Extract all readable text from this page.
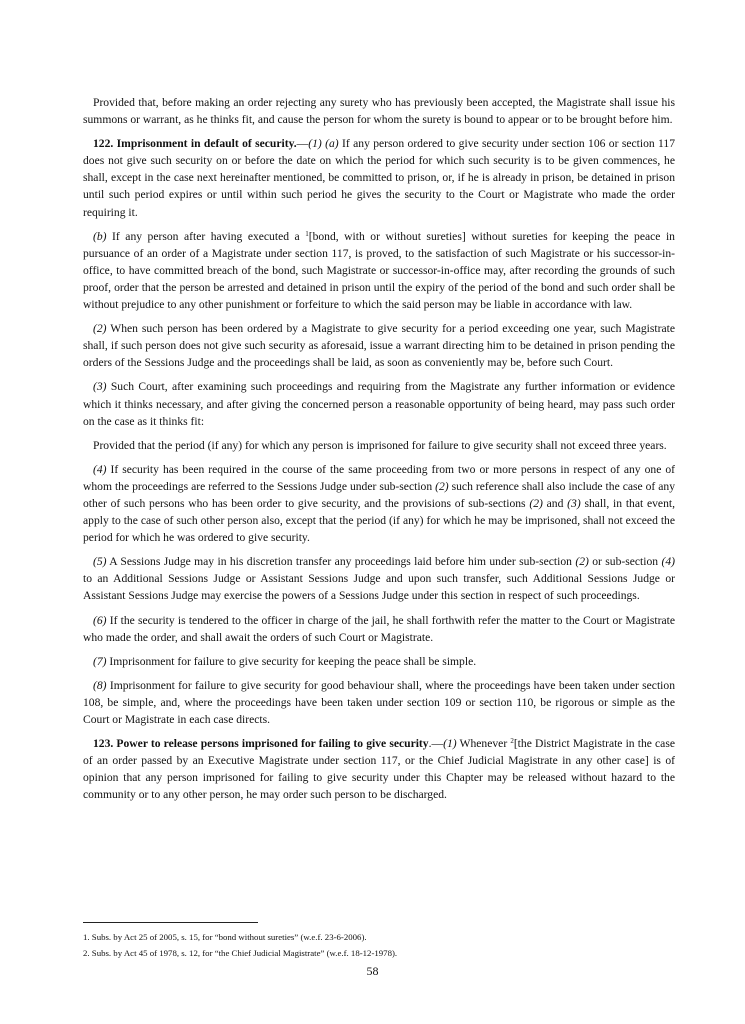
Provided that, before making an order rejecting any surety who has previously been accepted, the Magistrate shall issue his summons or warrant, as he thinks fit, and cause the person for whom the surety is bound to appear or to be brought before him.

122. Imprisonment in default of security.—(1) (a) If any person ordered to give security under section 106 or section 117 does not give such security on or before the date on which the period for which such security is to be given commences, he shall, except in the case next hereinafter mentioned, be committed to prison, or, if he is already in prison, be detained in prison until such period expires or until within such period he gives the security to the Court or Magistrate who made the order requiring it.

(b) If any person after having executed a $^1$[bond, with or without sureties] without sureties for keeping the peace in pursuance of an order of a Magistrate under section 117, is proved, to the satisfaction of such Magistrate or his successor-in-office, to have committed breach of the bond, such Magistrate or successor-in-office may, after recording the grounds of such proof, order that the person be arrested and detained in prison until the expiry of the period of the bond and such order shall be without prejudice to any other punishment or forfeiture to which the said person may be liable in accordance with law.

(2) When such person has been ordered by a Magistrate to give security for a period exceeding one year, such Magistrate shall, if such person does not give such security as aforesaid, issue a warrant directing him to be detained in prison pending the orders of the Sessions Judge and the proceedings shall be laid, as soon as conveniently may be, before such Court.

(3) Such Court, after examining such proceedings and requiring from the Magistrate any further information or evidence which it thinks necessary, and after giving the concerned person a reasonable opportunity of being heard, may pass such order on the case as it thinks fit:

Provided that the period (if any) for which any person is imprisoned for failure to give security shall not exceed three years.

(4) If security has been required in the course of the same proceeding from two or more persons in respect of any one of whom the proceedings are referred to the Sessions Judge under sub-section (2) such reference shall also include the case of any other of such persons who has been order to give security, and the provisions of sub-sections (2) and (3) shall, in that event, apply to the case of such other person also, except that the period (if any) for which he may be imprisoned, shall not exceed the period for which he was ordered to give security.

(5) A Sessions Judge may in his discretion transfer any proceedings laid before him under sub-section (2) or sub-section (4) to an Additional Sessions Judge or Assistant Sessions Judge and upon such transfer, such Additional Sessions Judge or Assistant Sessions Judge may exercise the powers of a Sessions Judge under this section in respect of such proceedings.

(6) If the security is tendered to the officer in charge of the jail, he shall forthwith refer the matter to the Court or Magistrate who made the order, and shall await the orders of such Court or Magistrate.

(7) Imprisonment for failure to give security for keeping the peace shall be simple.

(8) Imprisonment for failure to give security for good behaviour shall, where the proceedings have been taken under section 108, be simple, and, where the proceedings have been taken under section 109 or section 110, be rigorous or simple as the Court or Magistrate in each case directs.

123. Power to release persons imprisoned for failing to give security.—(1) Whenever $^2$[the District Magistrate in the case of an order passed by an Executive Magistrate under section 117, or the Chief Judicial Magistrate in any other case] is of opinion that any person imprisoned for failing to give security under this Chapter may be released without hazard to the community or to any other person, he may order such person to be discharged.

1. Subs. by Act 25 of 2005, s. 15, for “bond without sureties” (w.e.f. 23-6-2006).

2. Subs. by Act 45 of 1978, s. 12, for “the Chief Judicial Magistrate” (w.e.f. 18-12-1978).

58
